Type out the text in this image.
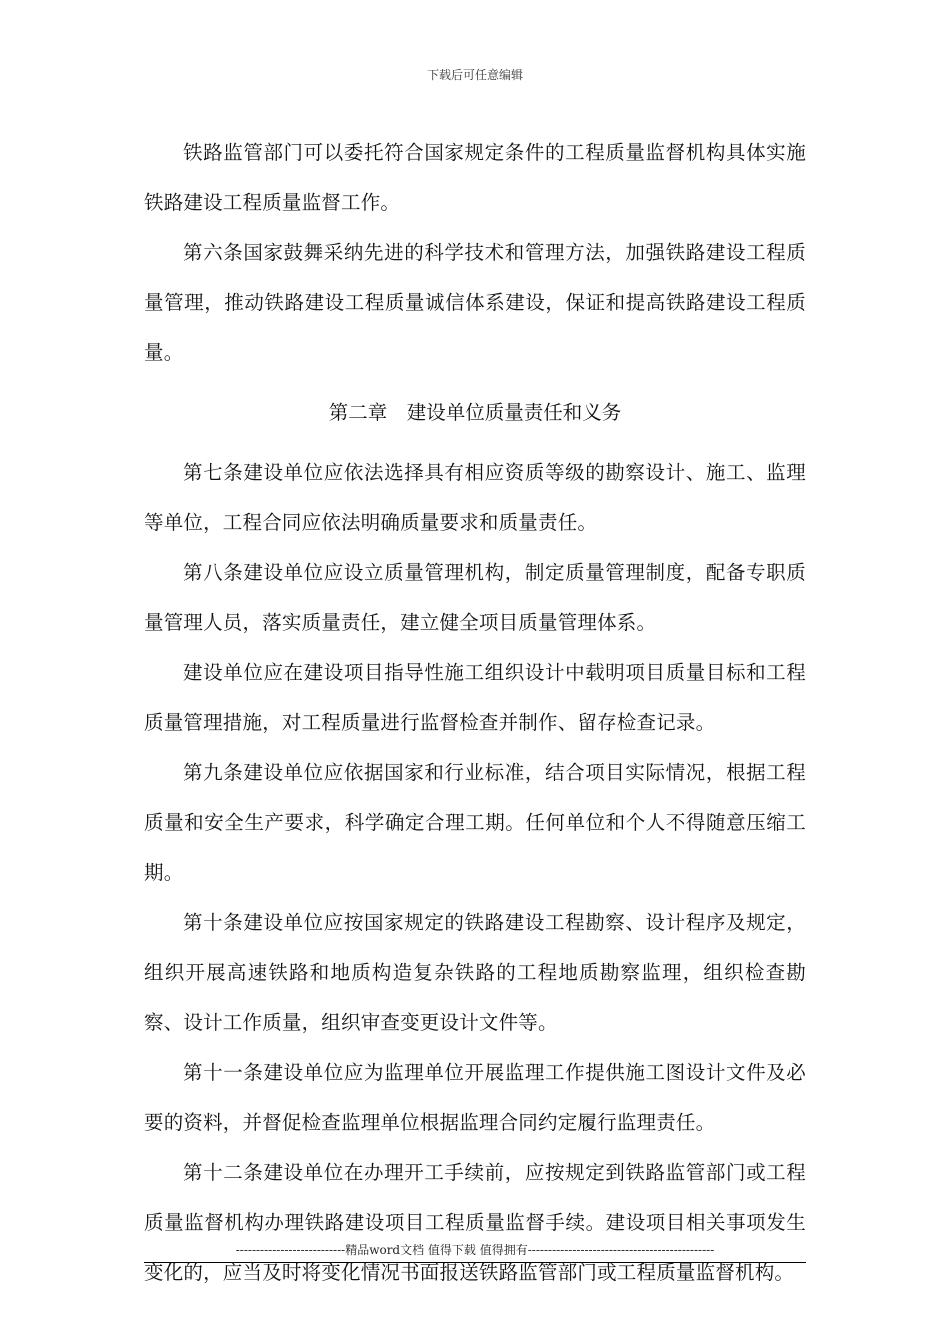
下载后可任意编辑

铁路监管部门可以委托符合国家规定条件的工程质量监督机构具体实施铁路建设工程质量监督工作。

第六条国家鼓舞采纳先进的科学技术和管理方法，加强铁路建设工程质量管理，推动铁路建设工程质量诚信体系建设，保证和提高铁路建设工程质量。

第二章　建设单位质量责任和义务

第七条建设单位应依法选择具有相应资质等级的勘察设计、施工、监理等单位，工程合同应依法明确质量要求和质量责任。

第八条建设单位应设立质量管理机构，制定质量管理制度，配备专职质量管理人员，落实质量责任，建立健全项目质量管理体系。

建设单位应在建设项目指导性施工组织设计中载明项目质量目标和工程质量管理措施，对工程质量进行监督检查并制作、留存检查记录。

第九条建设单位应依据国家和行业标准，结合项目实际情况，根据工程质量和安全生产要求，科学确定合理工期。任何单位和个人不得随意压缩工期。

第十条建设单位应按国家规定的铁路建设工程勘察、设计程序及规定，组织开展高速铁路和地质构造复杂铁路的工程地质勘察监理，组织检查勘察、设计工作质量，组织审查变更设计文件等。

第十一条建设单位应为监理单位开展监理工作提供施工图设计文件及必要的资料，并督促检查监理单位根据监理合同约定履行监理责任。

第十二条建设单位在办理开工手续前，应按规定到铁路监管部门或工程质量监督机构办理铁路建设项目工程质量监督手续。建设项目相关事项发生变化的，应当及时将变化情况书面报送铁路监管部门或工程质量监督机构。

---------------------------精品word文档 值得下载 值得拥有----------------------------------------------
